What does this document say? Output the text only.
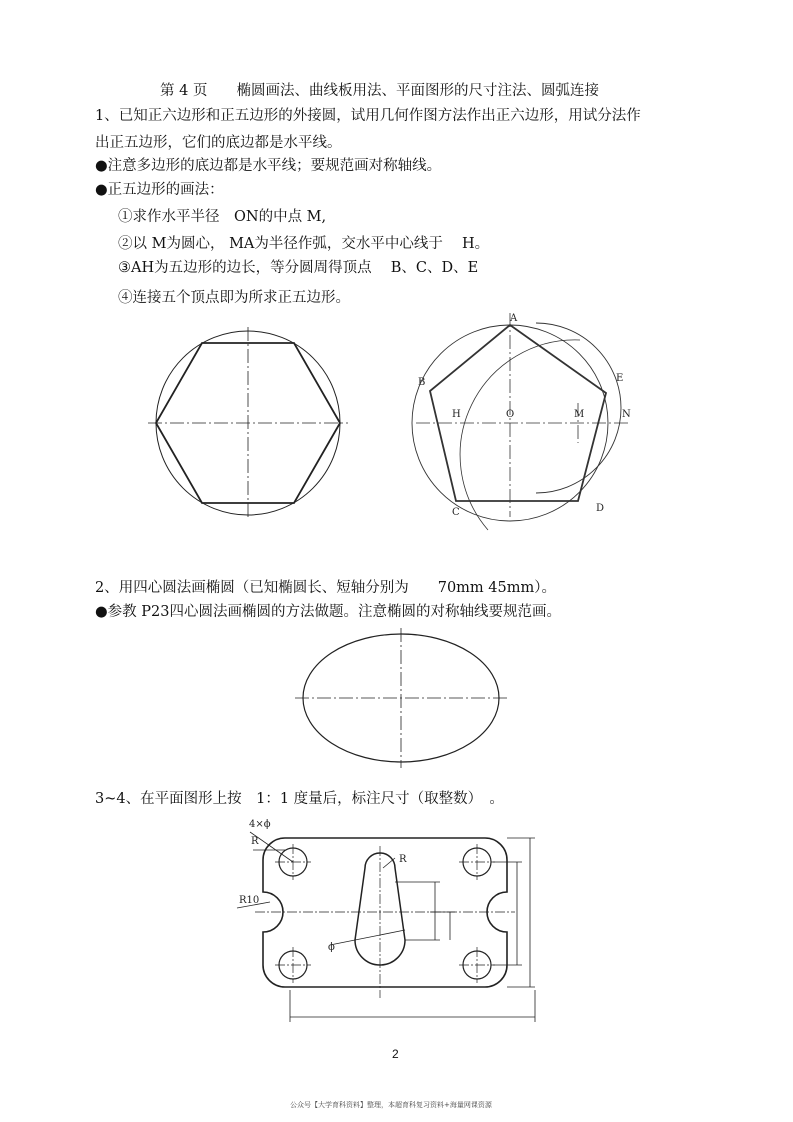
第 4 页　　椭圆画法、曲线板用法、平面图形的尺寸注法、圆弧连接
1、已知正六边形和正五边形的外接圆，试用几何作图方法作出正六边形，用试分法作
出正五边形，它们的底边都是水平线。
●注意多边形的底边都是水平线；要规范画对称轴线。
●正五边形的画法：
①求作水平半径　ON的中点 M,
②以 M为圆心， MA为半径作弧，交水平中心线于　 H。
③AH为五边形的边长，等分圆周得顶点　 B、C、D、E
④连接五个顶点即为所求正五边形。
A
B	E
H	O	M	N
C	D
2、用四心圆法画椭圆（已知椭圆长、短轴分别为　　70mm 45mm）。
●参教 P23四心圆法画椭圆的方法做题。注意椭圆的对称轴线要规范画。
3~4、在平面图形上按　1：1 度量后，标注尺寸（取整数）　。
4×ϕ
R
R
R10
ϕ
2
公众号【大学育科资料】整理，本超育科复习资料+海量网课资源
